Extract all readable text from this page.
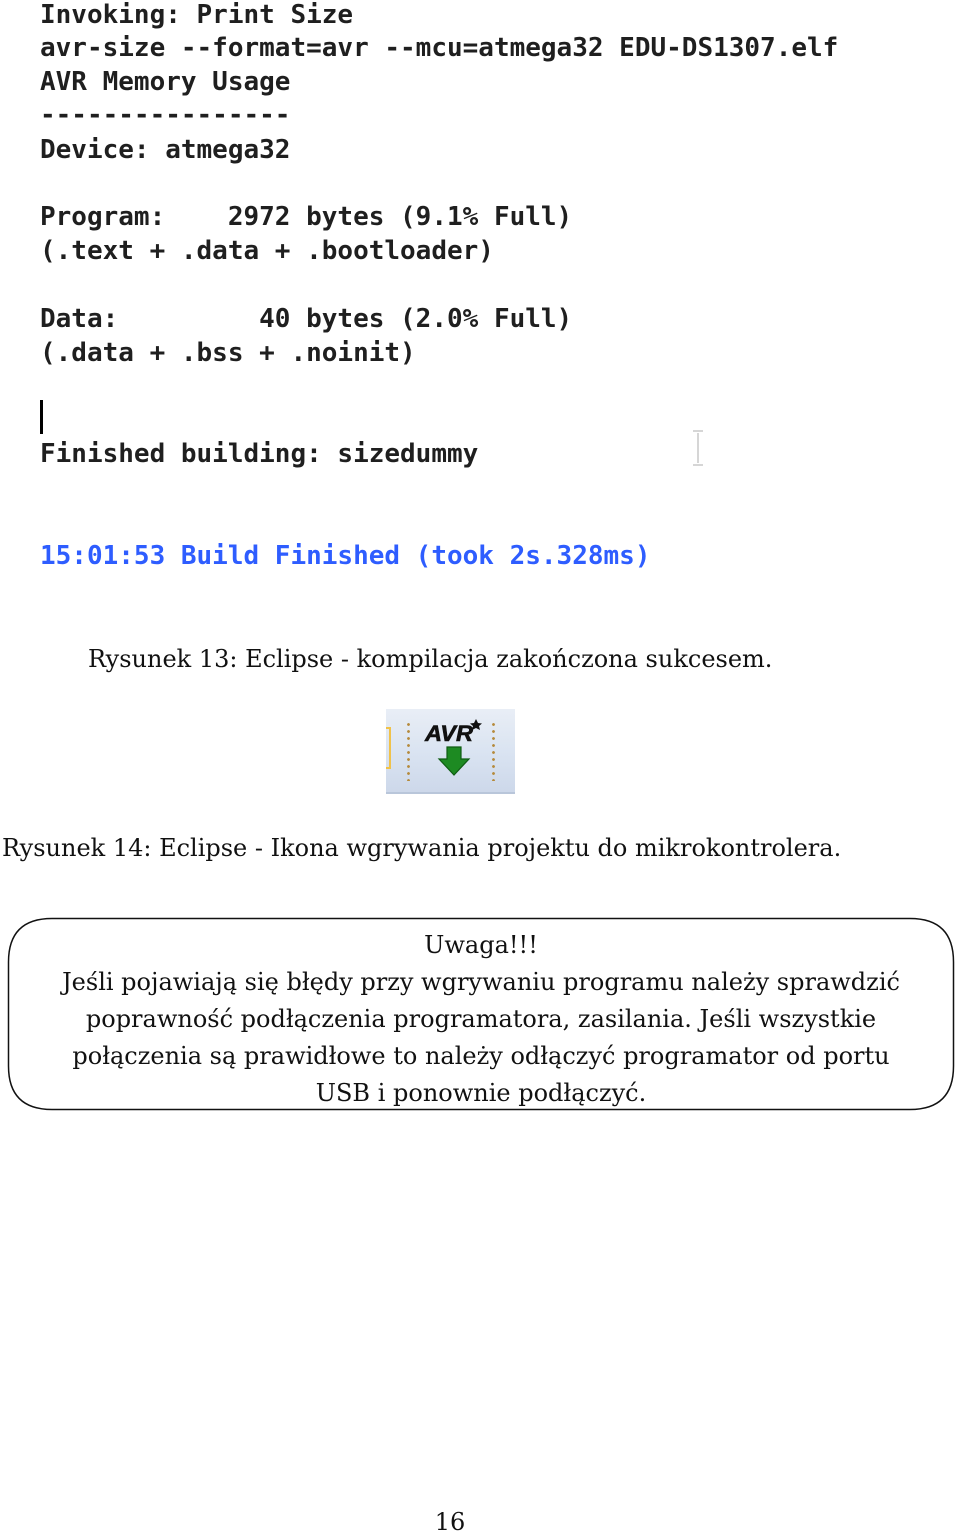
Invoking: Print Size
avr-size --format=avr --mcu=atmega32 EDU-DS1307.elf
AVR Memory Usage
----------------
Device: atmega32
Program:    2972 bytes (9.1% Full)
(.text + .data + .bootloader)
Data:         40 bytes (2.0% Full)
(.data + .bss + .noinit)
Finished building: sizedummy
15:01:53 Build Finished (took 2s.328ms)
Rysunek 13: Eclipse - kompilacja zakończona sukcesem.
AVR
Rysunek 14: Eclipse - Ikona wgrywania projektu do mikrokontrolera.
Uwaga!!!
Jeśli pojawiają się błędy przy wgrywaniu programu należy sprawdzić
poprawność podłączenia programatora, zasilania. Jeśli wszystkie
połączenia są prawidłowe to należy odłączyć programator od portu
USB i ponownie podłączyć.
16
